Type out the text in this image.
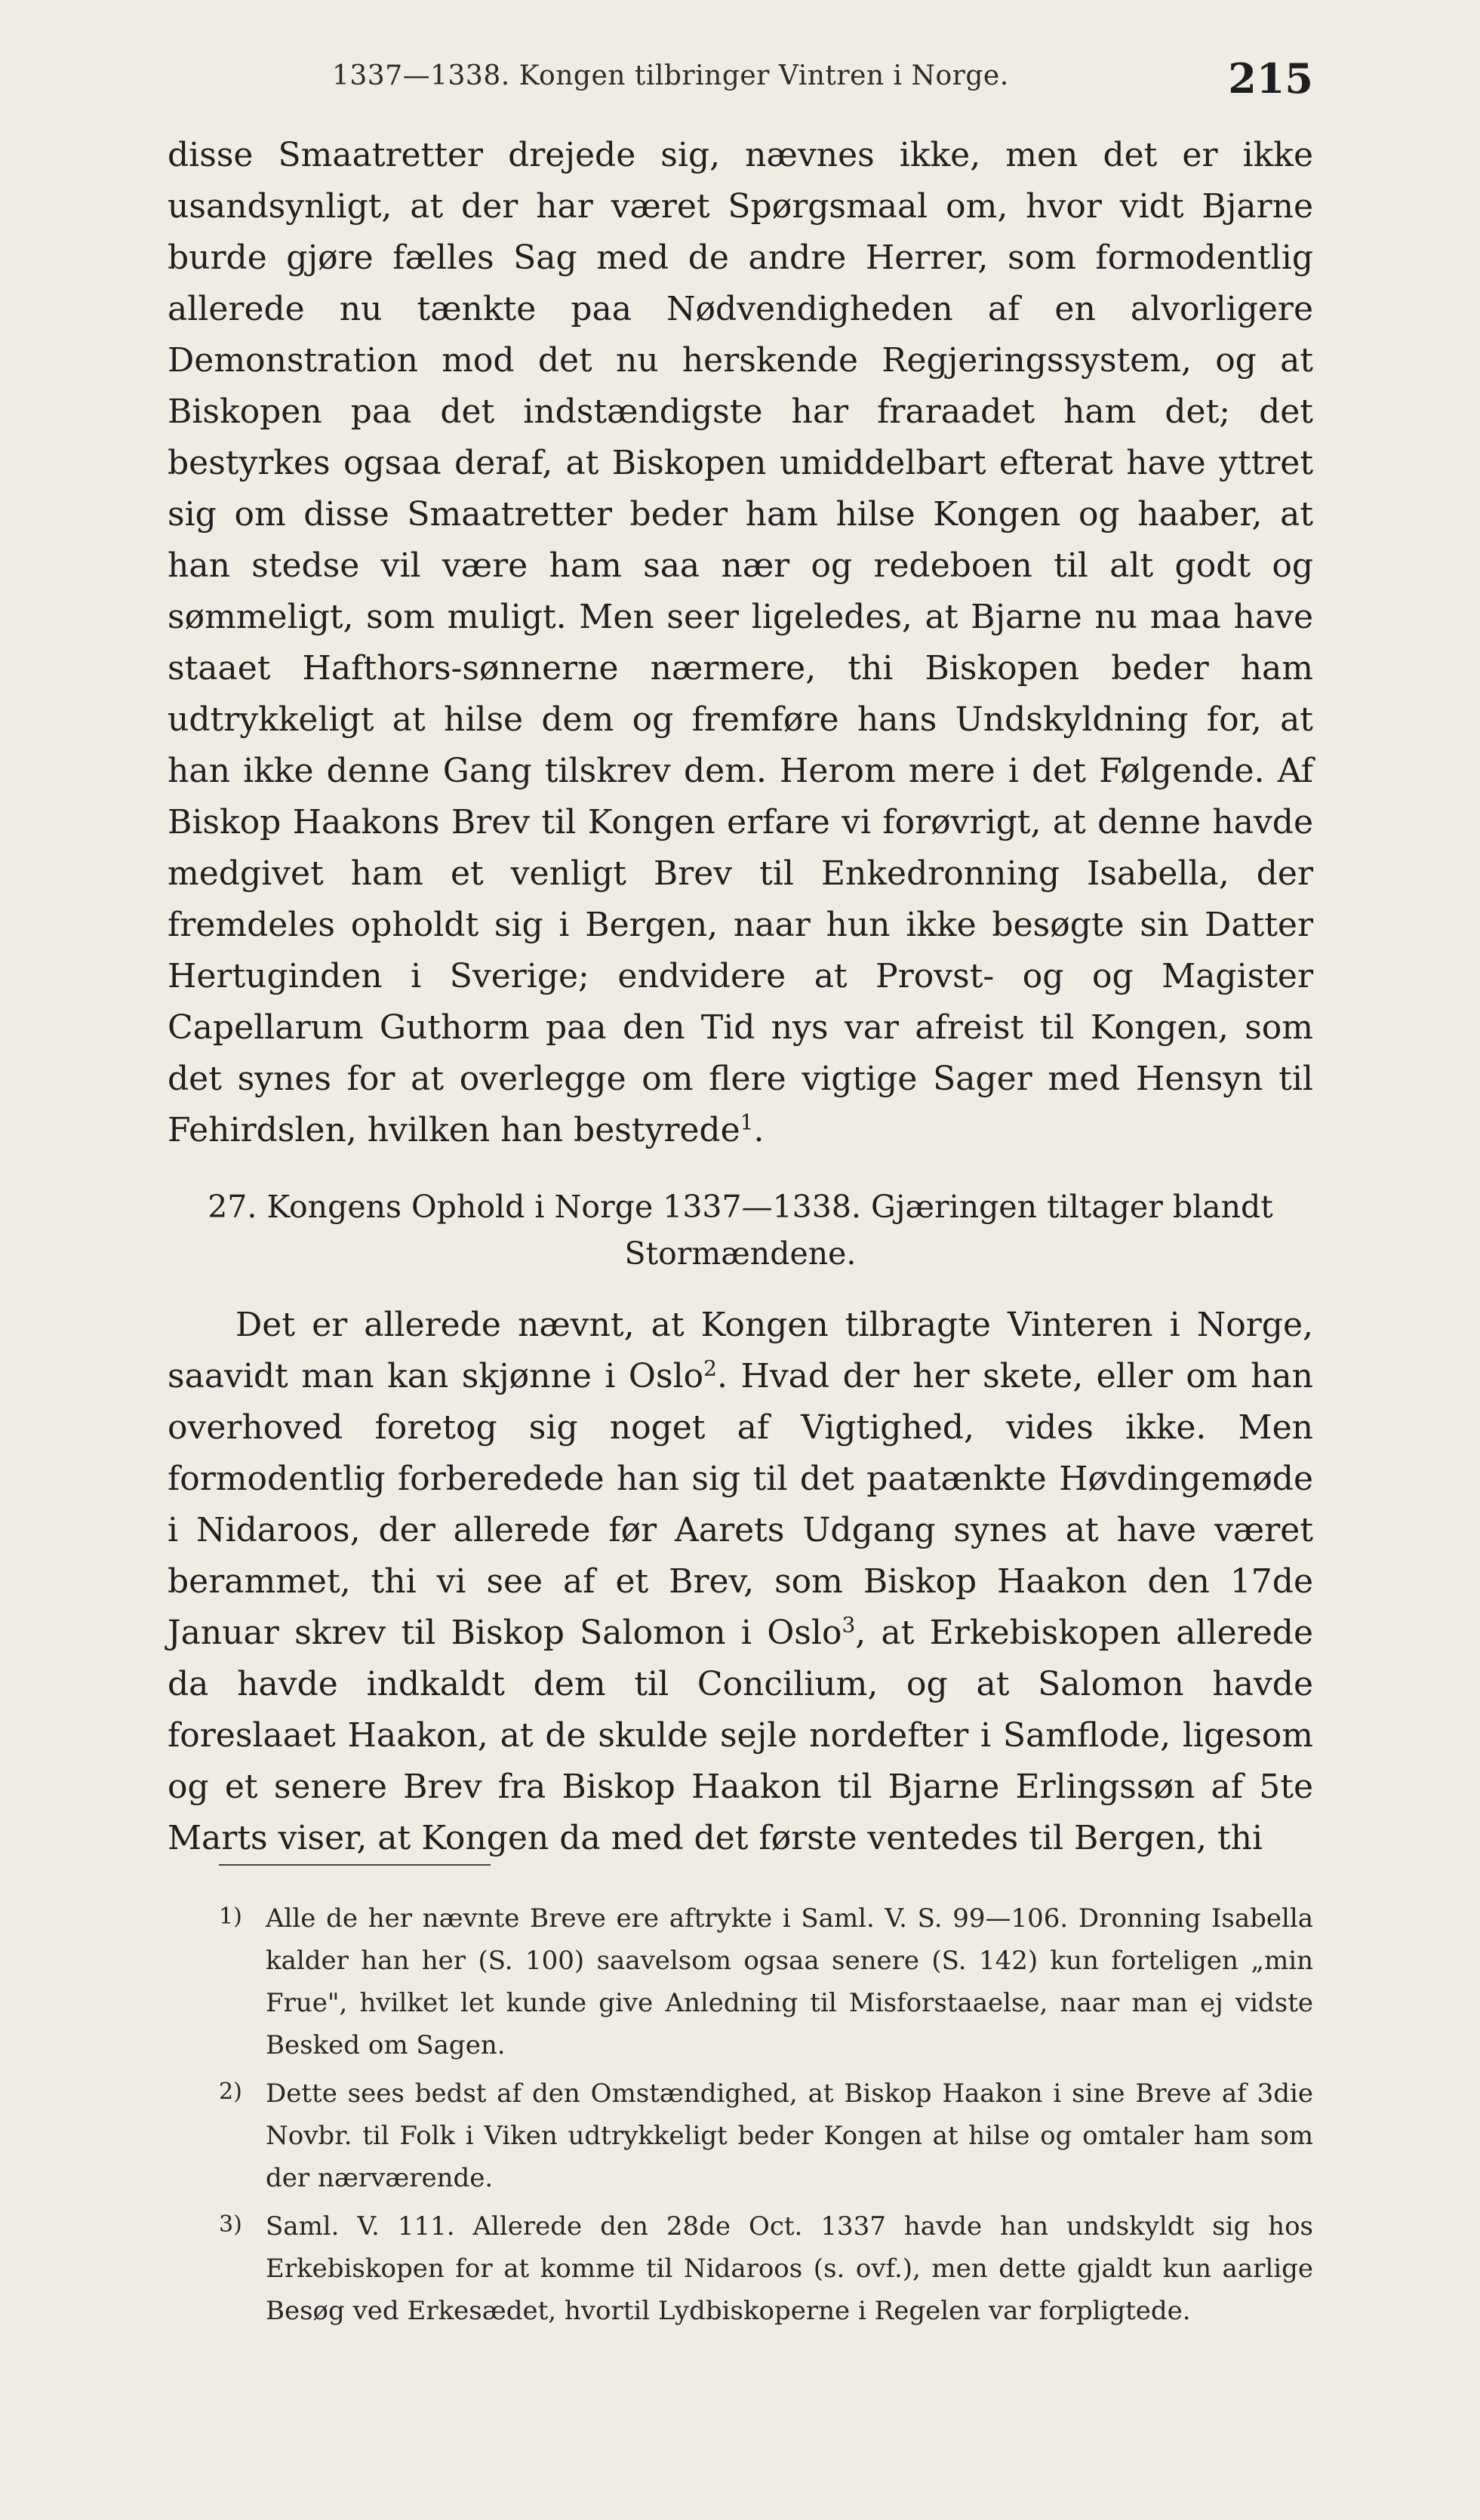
1337—1338. Kongen tilbringer Vintren i Norge.	215

disse Smaatretter drejede sig, nævnes ikke, men det er ikke usandsynligt, at der har været Spørgsmaal om, hvor vidt Bjarne burde gjøre fælles Sag med de andre Herrer, som formodentlig allerede nu tænkte paa Nødvendigheden af en alvorligere Demonstration mod det nu herskende Regjeringssystem, og at Biskopen paa det indstændigste har fraraadet ham det; det bestyrkes ogsaa deraf, at Biskopen umiddelbart efterat have yttret sig om disse Smaatretter beder ham hilse Kongen og haaber, at han stedse vil være ham saa nær og redeboen til alt godt og sømmeligt, som muligt. Men seer ligeledes, at Bjarne nu maa have staaet Hafthors-sønnerne nærmere, thi Biskopen beder ham udtrykkeligt at hilse dem og fremføre hans Undskyldning for, at han ikke denne Gang tilskrev dem. Herom mere i det Følgende. Af Biskop Haakons Brev til Kongen erfare vi forøvrigt, at denne havde medgivet ham et venligt Brev til Enkedronning Isabella, der fremdeles opholdt sig i Bergen, naar hun ikke besøgte sin Datter Hertuginden i Sverige; endvidere at Provst- og og Magister Capellarum Guthorm paa den Tid nys var afreist til Kongen, som det synes for at overlegge om flere vigtige Sager med Hensyn til Fehirdslen, hvilken han bestyrede$^1$.

27. Kongens Ophold i Norge 1337—1338. Gjæringen tiltager blandt Stormændene.

Det er allerede nævnt, at Kongen tilbragte Vinteren i Norge, saavidt man kan skjønne i Oslo$^2$. Hvad der her skete, eller om han overhoved foretog sig noget af Vigtighed, vides ikke. Men formodentlig forberedede han sig til det paatænkte Høvdingemøde i Nidaroos, der allerede før Aarets Udgang synes at have været berammet, thi vi see af et Brev, som Biskop Haakon den 17de Januar skrev til Biskop Salomon i Oslo$^3$, at Erkebiskopen allerede da havde indkaldt dem til Concilium, og at Salomon havde foreslaaet Haakon, at de skulde sejle nordefter i Samflode, ligesom og et senere Brev fra Biskop Haakon til Bjarne Erlingssøn af 5te Marts viser, at Kongen da med det første ventedes til Bergen, thi

1) Alle de her nævnte Breve ere aftrykte i Saml. V. S. 99—106. Dronning Isabella kalder han her (S. 100) saavelsom ogsaa senere (S. 142) kun forteligen „min Frue", hvilket let kunde give Anledning til Misforstaaelse, naar man ej vidste Besked om Sagen.

2) Dette sees bedst af den Omstændighed, at Biskop Haakon i sine Breve af 3die Novbr. til Folk i Viken udtrykkeligt beder Kongen at hilse og omtaler ham som der nærværende.

3) Saml. V. 111. Allerede den 28de Oct. 1337 havde han undskyldt sig hos Erkebiskopen for at komme til Nidaroos (s. ovf.), men dette gjaldt kun aarlige Besøg ved Erkesædet, hvortil Lydbiskoperne i Regelen var forpligtede.
